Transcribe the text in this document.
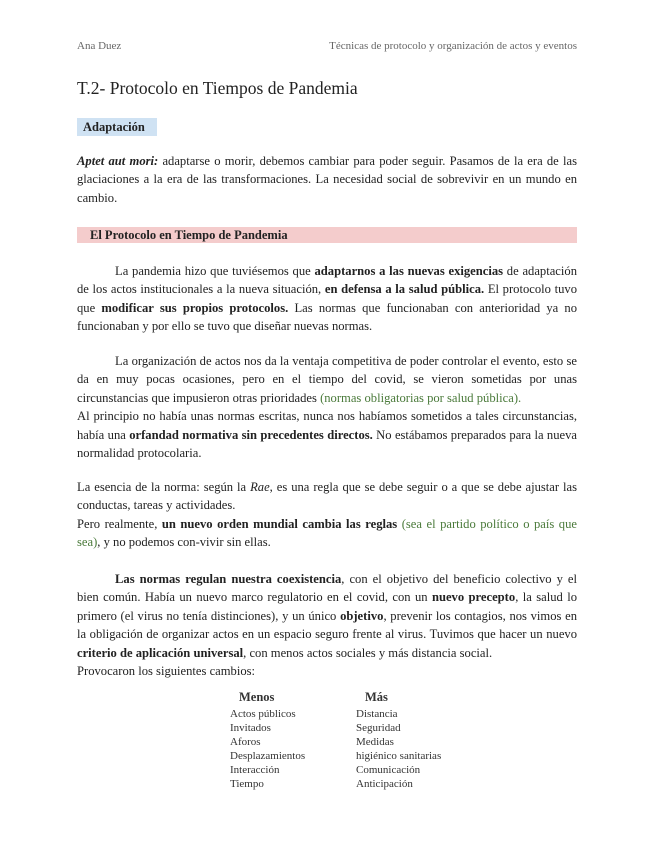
Ana Duez	Técnicas de protocolo y organización de actos y eventos
T.2- Protocolo en Tiempos de Pandemia
Adaptación

Aptet aut mori: adaptarse o morir, debemos cambiar para poder seguir. Pasamos de la era de las glaciaciones a la era de las transformaciones. La necesidad social de sobrevivir en un mundo en cambio.

El Protocolo en Tiempo de Pandemia

La pandemia hizo que tuviésemos que adaptarnos a las nuevas exigencias de adaptación de los actos institucionales a la nueva situación, en defensa a la salud pública. El protocolo tuvo que modificar sus propios protocolos. Las normas que funcionaban con anterioridad ya no funcionaban y por ello se tuvo que diseñar nuevas normas.

La organización de actos nos da la ventaja competitiva de poder controlar el evento, esto se da en muy pocas ocasiones, pero en el tiempo del covid, se vieron sometidas por unas circunstancias que impusieron otras prioridades (normas obligatorias por salud pública).
Al principio no había unas normas escritas, nunca nos habíamos sometidos a tales circunstancias, había una orfandad normativa sin precedentes directos. No estábamos preparados para la nueva normalidad protocolaria.

La esencia de la norma: según la Rae, es una regla que se debe seguir o a que se debe ajustar las conductas, tareas y actividades.
Pero realmente, un nuevo orden mundial cambia las reglas (sea el partido político o país que sea), y no podemos con-vivir sin ellas.

Las normas regulan nuestra coexistencia, con el objetivo del beneficio colectivo y el bien común. Había un nuevo marco regulatorio en el covid, con un nuevo precepto, la salud lo primero (el virus no tenía distinciones), y un único objetivo, prevenir los contagios, nos vimos en la obligación de organizar actos en un espacio seguro frente al virus. Tuvimos que hacer un nuevo criterio de aplicación universal, con menos actos sociales y más distancia social.
Provocaron los siguientes cambios:

Menos
Actos públicos
Invitados
Aforos
Desplazamientos
Interacción
Tiempo
Más
Distancia
Seguridad
Medidas
higiénico sanitarias
Comunicación
Anticipación
